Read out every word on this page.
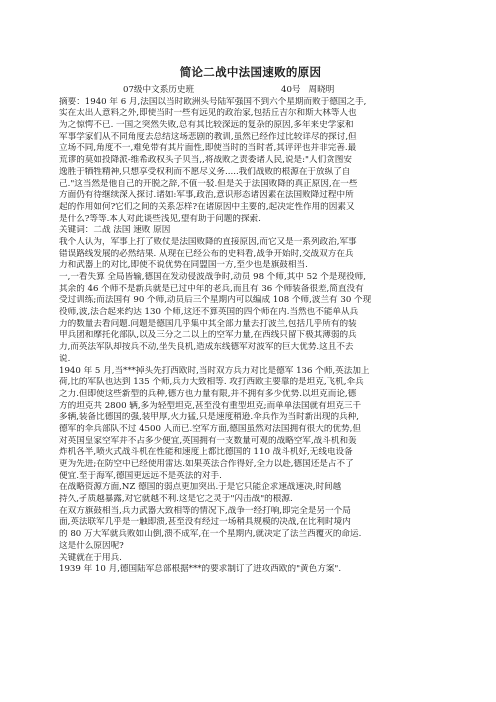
简论二战中法国速败的原因
07级中文系历史班	40号 周晓明
摘要：1940 年 6 月,法国以当时欧洲头号陆军强国不到六个星期而败于德国之手,
实在太出人意料之外,即使当时一些有远见的政治家,包括丘吉尔和斯大林等人也
为之惊愕不已. 一国之突然失败,总有其比较深远的复杂的原因,多年来史学家和
军事学家们从不同角度去总结这场悲剧的教训,虽然已经作过比较详尽的探讨,但
立场不同,角度不一,难免带有其片面性,即使当时的当时者,其评评也并非完善.最
荒谬的莫如投降派-维希政权头子贝当,,将战败之责委诸人民,说是:"人们贪图安
逸胜于牺牲精神,只想享受权利而不愿尽义务.....我们战败的根源在于放纵了自
己."这当然是他自己的开脱之辞,不值一驳.但是关于法国败降的真正原因,在一些
方面仍有待继续深入探讨.诸如:军事,政治,意识形态诸因素在法国败降过程中所
起的作用如何?它们之间的关系怎样?在诸原因中主要的,起决定性作用的因素又
是什么?等等.本人对此谈些浅见,望有助于问题的探索.
关键词：二战 法国 速败 原因
我个人认为，军事上打了败仗是法国败降的直接原因,而它又是一系列政治,军事
错误路线发展的必然结果. 从现在已经公布的史料看,战争开始时,交战双方在兵
力和武器上的对比,即使不说优势在同盟国一方,至少也是旗鼓相当.
一,一看失算 全局皆输,德国在发动侵波战争时,动员 98 个师,其中 52 个是现役师,
其余的 46 个师不是新兵就是已过中年的老兵,而且有 36 个师装备很差,简直没有
受过训练;而法国有 90 个师,动员后三个星期内可以编成 108 个师,波兰有 30 个现
役师,波,法合起来约达 130 个师,这还不算英国的四个师在内.当然也不能单从兵
力的数量去看问题.问题是德国几乎集中其全部力量去打波兰,包括几乎所有的装
甲兵团和摩托化部队,以及三分之二以上的空军力量,在西线只留下极其薄弱的兵
力,而英法军队却按兵不动,坐失良机,造成东线德军对波军的巨大优势.这且不去
说.
1940 年 5 月,当***掉头先打西欧时,当时双方兵力对比是德军 136 个师,英法加上
荷,比的军队也达到 135 个师,兵力大致相等. 攻打西欧主要靠的是坦克,飞机,伞兵
之力.但即使这些新型的兵种,德方也力量有限,并不拥有多少优势.以坦克而论,德
方的坦克共 2800 辆,多为轻型坦克,甚至没有重型坦克;而单单法国就有坦克三千
多辆,装备比德国的强,装甲厚,火力猛,只是速度稍逊.伞兵作为当时新出现的兵种,
德军的伞兵部队不过 4500 人而已.空军方面,德国虽然对法国拥有很大的优势,但
对英国皇家空军并不占多少便宜,英国拥有一支数量可观的战略空军,战斗机和轰
炸机各半,喷火式战斗机在性能和速度上都比德国的 110 战斗机好,无线电设备
更为先进;在防空中已经使用雷达.如果英法合作得好,全力以赴,德国还是占不了
便宜.至于海军,德国更远远不是英法的对手.
在战略资源方面,NZ 德国的弱点更加突出.于是它只能企求速战速决,时间越
持久,孑质越暴露,对它就越不利.这是它之灵于"闪击战"的根源.
在双方旗鼓相当,兵力武器大致相等的情况下,战争一经打响,即完全是另一个局
面,英法联军几乎是一触即溃,甚至没有经过一场稍具规模的决战,在比利时境内
的 80 万大军就兵败如山倒,溃不成军,在一个星期内,就决定了法兰西覆灭的命运.
这是什么原因呢?
关键就在于用兵.
1939 年 10 月,德国陆军总部根据***的要求制订了进攻西欧的"黄色方案".
